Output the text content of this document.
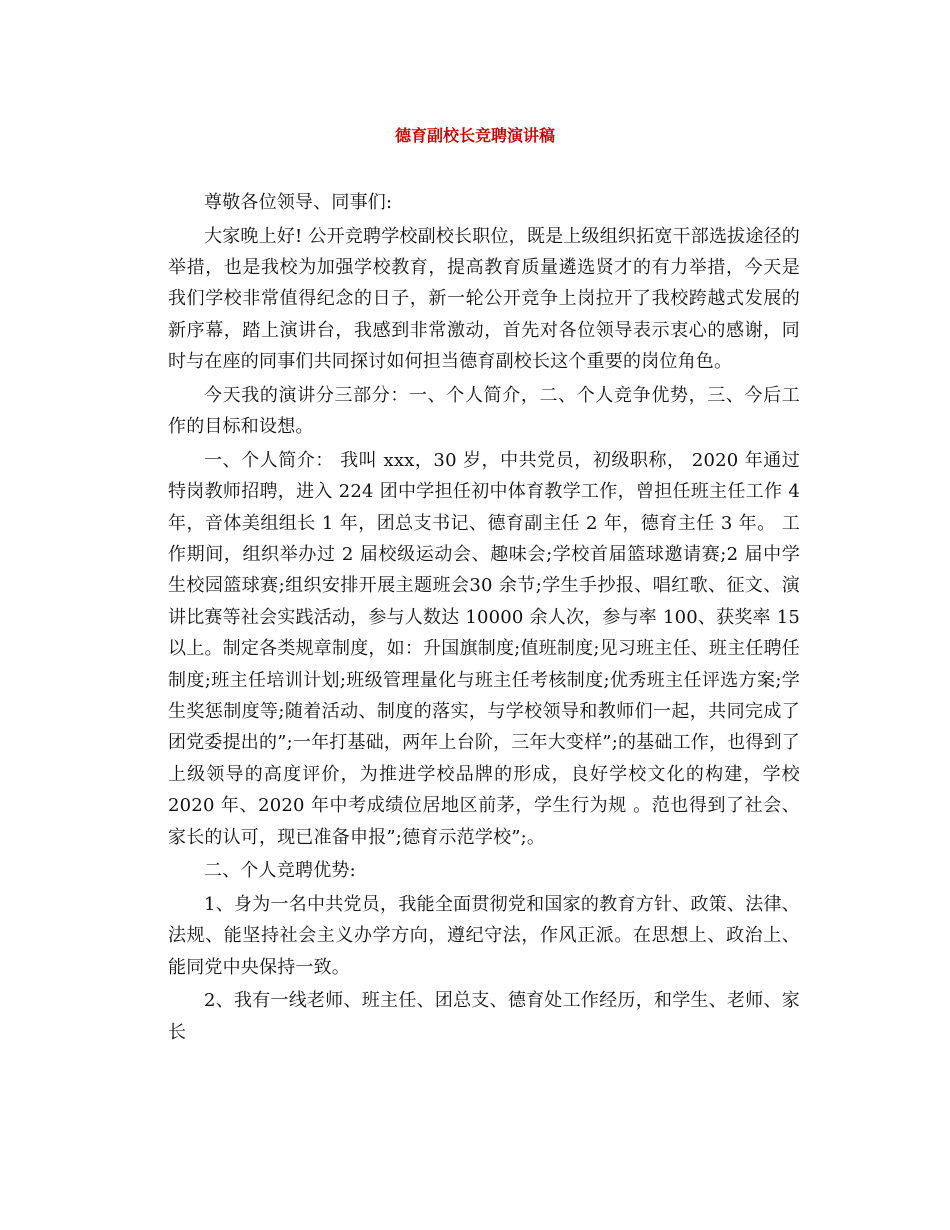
德育副校长竞聘演讲稿

尊敬各位领导、同事们:

大家晚上好! 公开竞聘学校副校长职位，既是上级组织拓宽干部选拔途径的举措，也是我校为加强学校教育，提高教育质量遴选贤才的有力举措，今天是我们学校非常值得纪念的日子，新一轮公开竞争上岗拉开了我校跨越式发展的新序幕，踏上演讲台，我感到非常激动，首先对各位领导表示衷心的感谢，同时与在座的同事们共同探讨如何担当德育副校长这个重要的岗位角色。

今天我的演讲分三部分：一、个人简介，二、个人竞争优势，三、今后工作的目标和设想。

一、个人简介： 我叫 xxx，30 岁，中共党员，初级职称， 2020 年通过特岗教师招聘，进入 224 团中学担任初中体育教学工作，曾担任班主任工作 4 年，音体美组组长 1 年，团总支书记、德育副主任 2 年，德育主任 3 年。 工作期间，组织举办过 2 届校级运动会、趣味会;学校首届篮球邀请赛;2 届中学生校园篮球赛;组织安排开展主题班会30 余节;学生手抄报、唱红歌、征文、演讲比赛等社会实践活动，参与人数达 10000 余人次，参与率 100、获奖率 15以上。制定各类规章制度，如：升国旗制度;值班制度;见习班主任、班主任聘任制度;班主任培训计划;班级管理量化与班主任考核制度;优秀班主任评选方案;学生奖惩制度等;随着活动、制度的落实，与学校领导和教师们一起，共同完成了团党委提出的”;一年打基础，两年上台阶，三年大变样”;的基础工作，也得到了上级领导的高度评价，为推进学校品牌的形成，良好学校文化的构建，学校 2020 年、2020 年中考成绩位居地区前茅，学生行为规 。范也得到了社会、家长的认可，现已准备申报”;德育示范学校”;。

二、个人竞聘优势:

1、身为一名中共党员，我能全面贯彻党和国家的教育方针、政策、法律、法规、能坚持社会主义办学方向，遵纪守法，作风正派。在思想上、政治上、能同党中央保持一致。

2、我有一线老师、班主任、团总支、德育处工作经历，和学生、老师、家长
